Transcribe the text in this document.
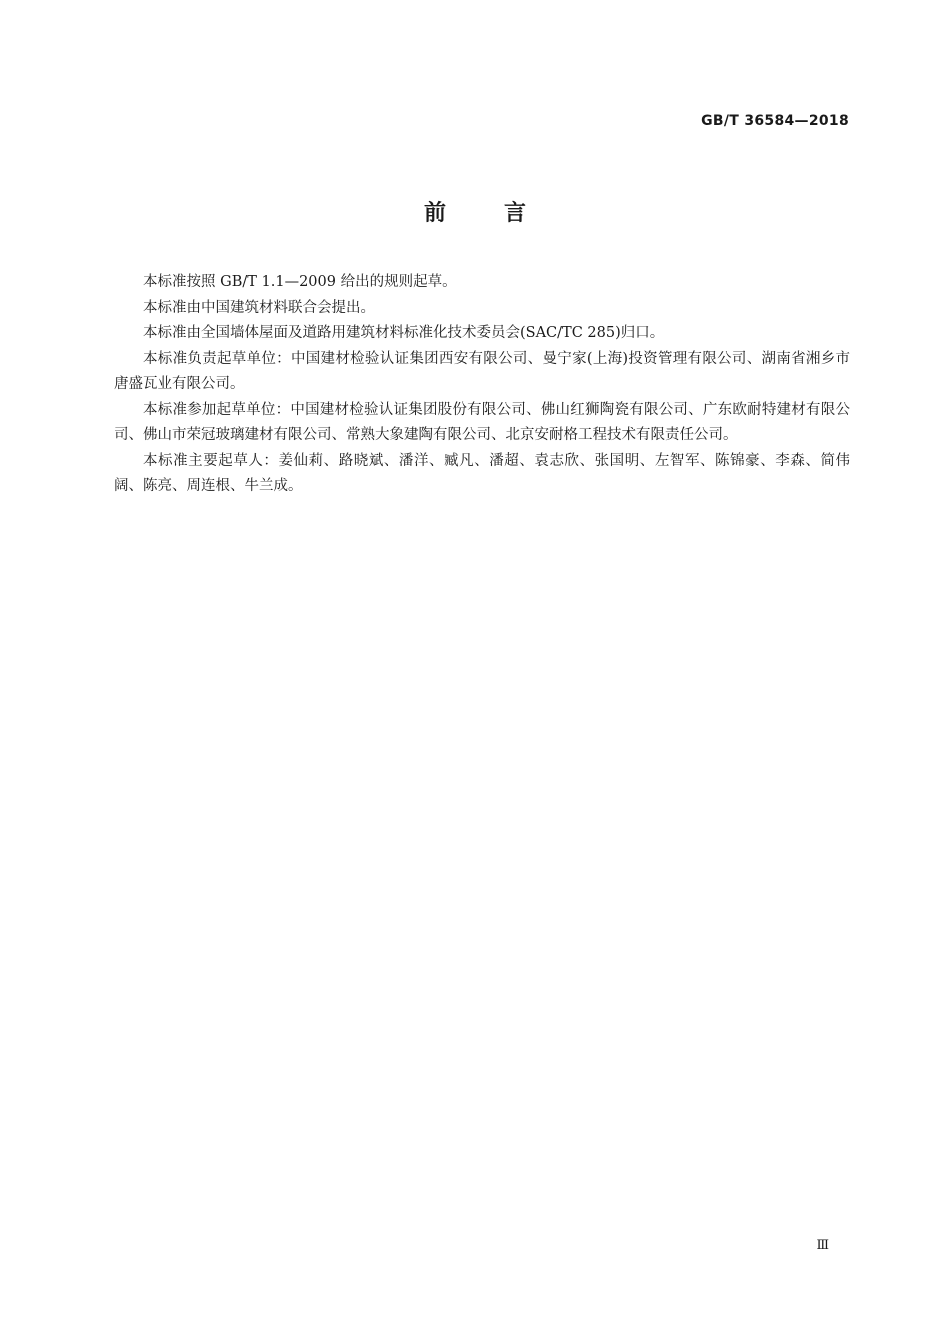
GB/T 36584—2018
前言

本标准按照 GB/T 1.1—2009 给出的规则起草。

本标准由中国建筑材料联合会提出。

本标准由全国墙体屋面及道路用建筑材料标准化技术委员会(SAC/TC 285)归口。

本标准负责起草单位：中国建材检验认证集团西安有限公司、曼宁家(上海)投资管理有限公司、湖南省湘乡市唐盛瓦业有限公司。

本标准参加起草单位：中国建材检验认证集团股份有限公司、佛山红狮陶瓷有限公司、广东欧耐特建材有限公司、佛山市荣冠玻璃建材有限公司、常熟大象建陶有限公司、北京安耐格工程技术有限责任公司。

本标准主要起草人：姜仙莉、路晓斌、潘洋、臧凡、潘超、袁志欣、张国明、左智军、陈锦豪、李森、简伟阔、陈亮、周连根、牛兰成。

Ⅲ
